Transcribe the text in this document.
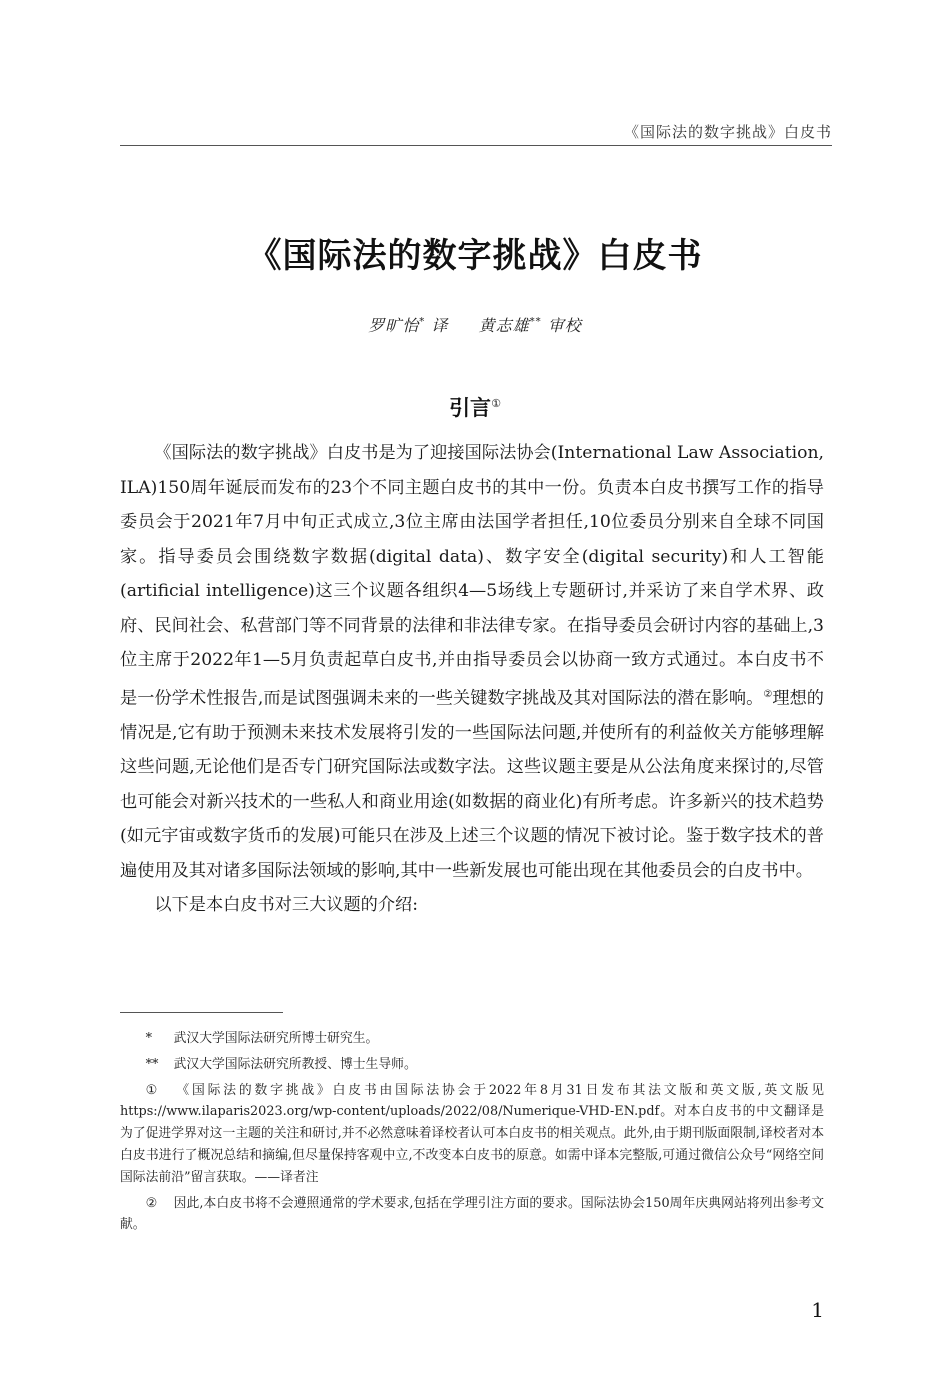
《国际法的数字挑战》白皮书
《国际法的数字挑战》白皮书
罗旷怡* 译 黄志雄** 审校
引言①

《国际法的数字挑战》白皮书是为了迎接国际法协会(International Law Association, ILA)150周年诞辰而发布的23个不同主题白皮书的其中一份。负责本白皮书撰写工作的指导委员会于2021年7月中旬正式成立,3位主席由法国学者担任,10位委员分别来自全球不同国家。指导委员会围绕数字数据(digital data)、数字安全(digital security)和人工智能(artificial intelligence)这三个议题各组织4—5场线上专题研讨,并采访了来自学术界、政府、民间社会、私营部门等不同背景的法律和非法律专家。在指导委员会研讨内容的基础上,3位主席于2022年1—5月负责起草白皮书,并由指导委员会以协商一致方式通过。本白皮书不是一份学术性报告,而是试图强调未来的一些关键数字挑战及其对国际法的潜在影响。②理想的情况是,它有助于预测未来技术发展将引发的一些国际法问题,并使所有的利益攸关方能够理解这些问题,无论他们是否专门研究国际法或数字法。这些议题主要是从公法角度来探讨的,尽管也可能会对新兴技术的一些私人和商业用途(如数据的商业化)有所考虑。许多新兴的技术趋势(如元宇宙或数字货币的发展)可能只在涉及上述三个议题的情况下被讨论。鉴于数字技术的普遍使用及其对诸多国际法领域的影响,其中一些新发展也可能出现在其他委员会的白皮书中。

以下是本白皮书对三大议题的介绍:

* 武汉大学国际法研究所博士研究生。
** 武汉大学国际法研究所教授、博士生导师。
① 《国际法的数字挑战》白皮书由国际法协会于2022年8月31日发布其法文版和英文版,英文版见https://www.ilaparis2023.org/wp-content/uploads/2022/08/Numerique-VHD-EN.pdf。对本白皮书的中文翻译是为了促进学界对这一主题的关注和研讨,并不必然意味着译校者认可本白皮书的相关观点。此外,由于期刊版面限制,译校者对本白皮书进行了概况总结和摘编,但尽量保持客观中立,不改变本白皮书的原意。如需中译本完整版,可通过微信公众号“网络空间国际法前沿”留言获取。——译者注
② 因此,本白皮书将不会遵照通常的学术要求,包括在学理引注方面的要求。国际法协会150周年庆典网站将列出参考文献。
1
